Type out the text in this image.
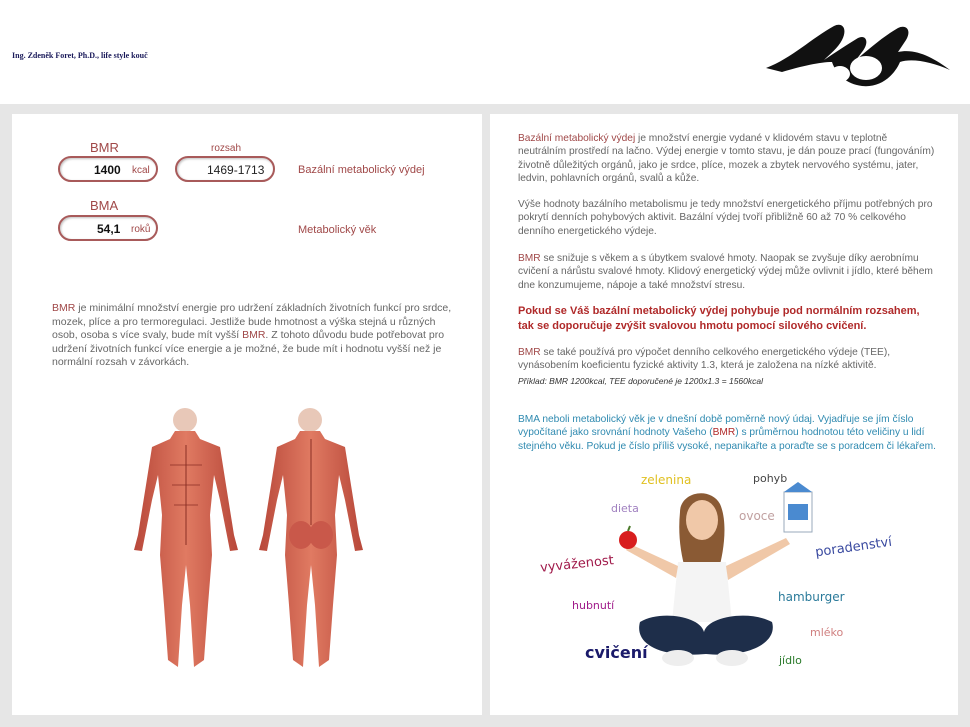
Ing. Zdeněk Foret, Ph.D., life style kouč
BMR
1400 kcal
rozsah
1469-1713	Bazální metabolický výdej
BMA
54,1 roků	Metabolický věk
BMR je minimální množství energie pro udržení základních životních funkcí pro srdce, mozek, plíce a pro termoregulaci. Jestliže bude hmotnost a výška stejná u různých osob, osoba s více svaly, bude mít vyšší BMR. Z tohoto důvodu bude potřebovat pro udržení životních funkcí více energie a je možné, že bude mít i hodnotu vyšší než je normální rozsah v závorkách.
Bazální metabolický výdej je množství energie vydané v klidovém stavu v teplotně neutrálním prostředí na lačno. Výdej energie v tomto stavu, je dán pouze prací (fungováním) životně důležitých orgánů, jako je srdce, plíce, mozek a zbytek nervového systému, jater, ledvin, pohlavních orgánů, svalů a kůže.
Výše hodnoty bazálního metabolismu je tedy množství energetického příjmu potřebných pro pokrytí denních pohybových aktivit. Bazální výdej tvoří přibližně 60 až 70 % celkového denního energetického výdeje.
BMR se snižuje s věkem a s úbytkem svalové hmoty. Naopak se zvyšuje díky aerobnímu cvičení a nárůstu svalové hmoty. Klidový energetický výdej může ovlivnit i jídlo, které během dne konzumujeme, nápoje a také množství stresu.
Pokud se Váš bazální metabolický výdej pohybuje pod normálním rozsahem, tak se doporučuje zvýšit svalovou hmotu pomocí silového cvičení.
BMR se také používá pro výpočet denního celkového energetického výdeje (TEE), vynásobením koeficientu fyzické aktivity 1.3, která je založena na nízké aktivitě.
Příklad: BMR 1200kcal, TEE doporučené je 1200x1.3 = 1560kcal
BMA neboli metabolický věk je v dnešní době poměrně nový údaj. Vyjadřuje se jím číslo vypočítané jako srovnání hodnoty Vašeho (BMR) s průměrnou hodnotou této veličiny u lidí stejného věku. Pokud je číslo příliš vysoké, nepanikařte a poraďte se s poradcem či lékařem.
zelenina	pohyb
dieta
ovoce
poradenství
vyváženost
hubnutí
hamburger
mléko
cvičení	jídlo
